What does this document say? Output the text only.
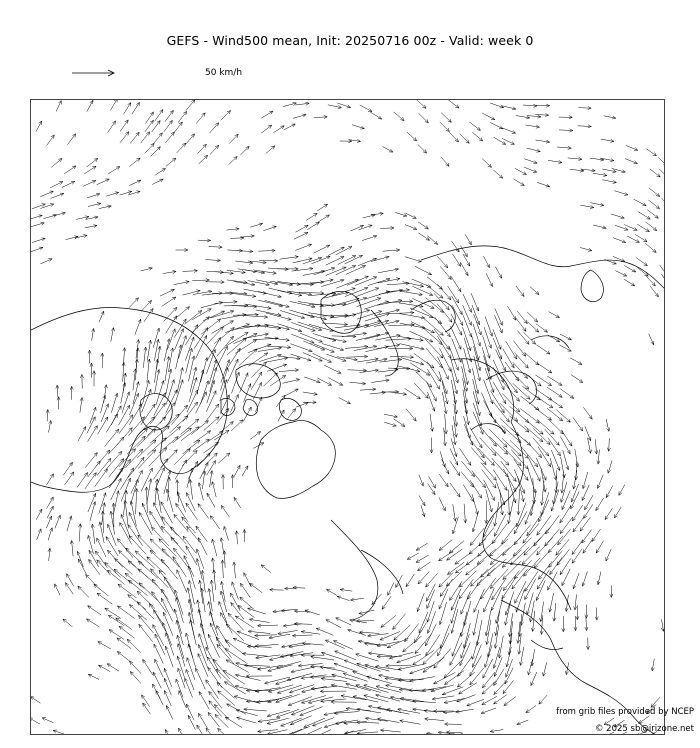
GEFS - Wind500 mean, Init: 20250716 00z - Valid: week 0
50 km/h
from grib files provided by NCEP
© 2025 sb@irizone.net
